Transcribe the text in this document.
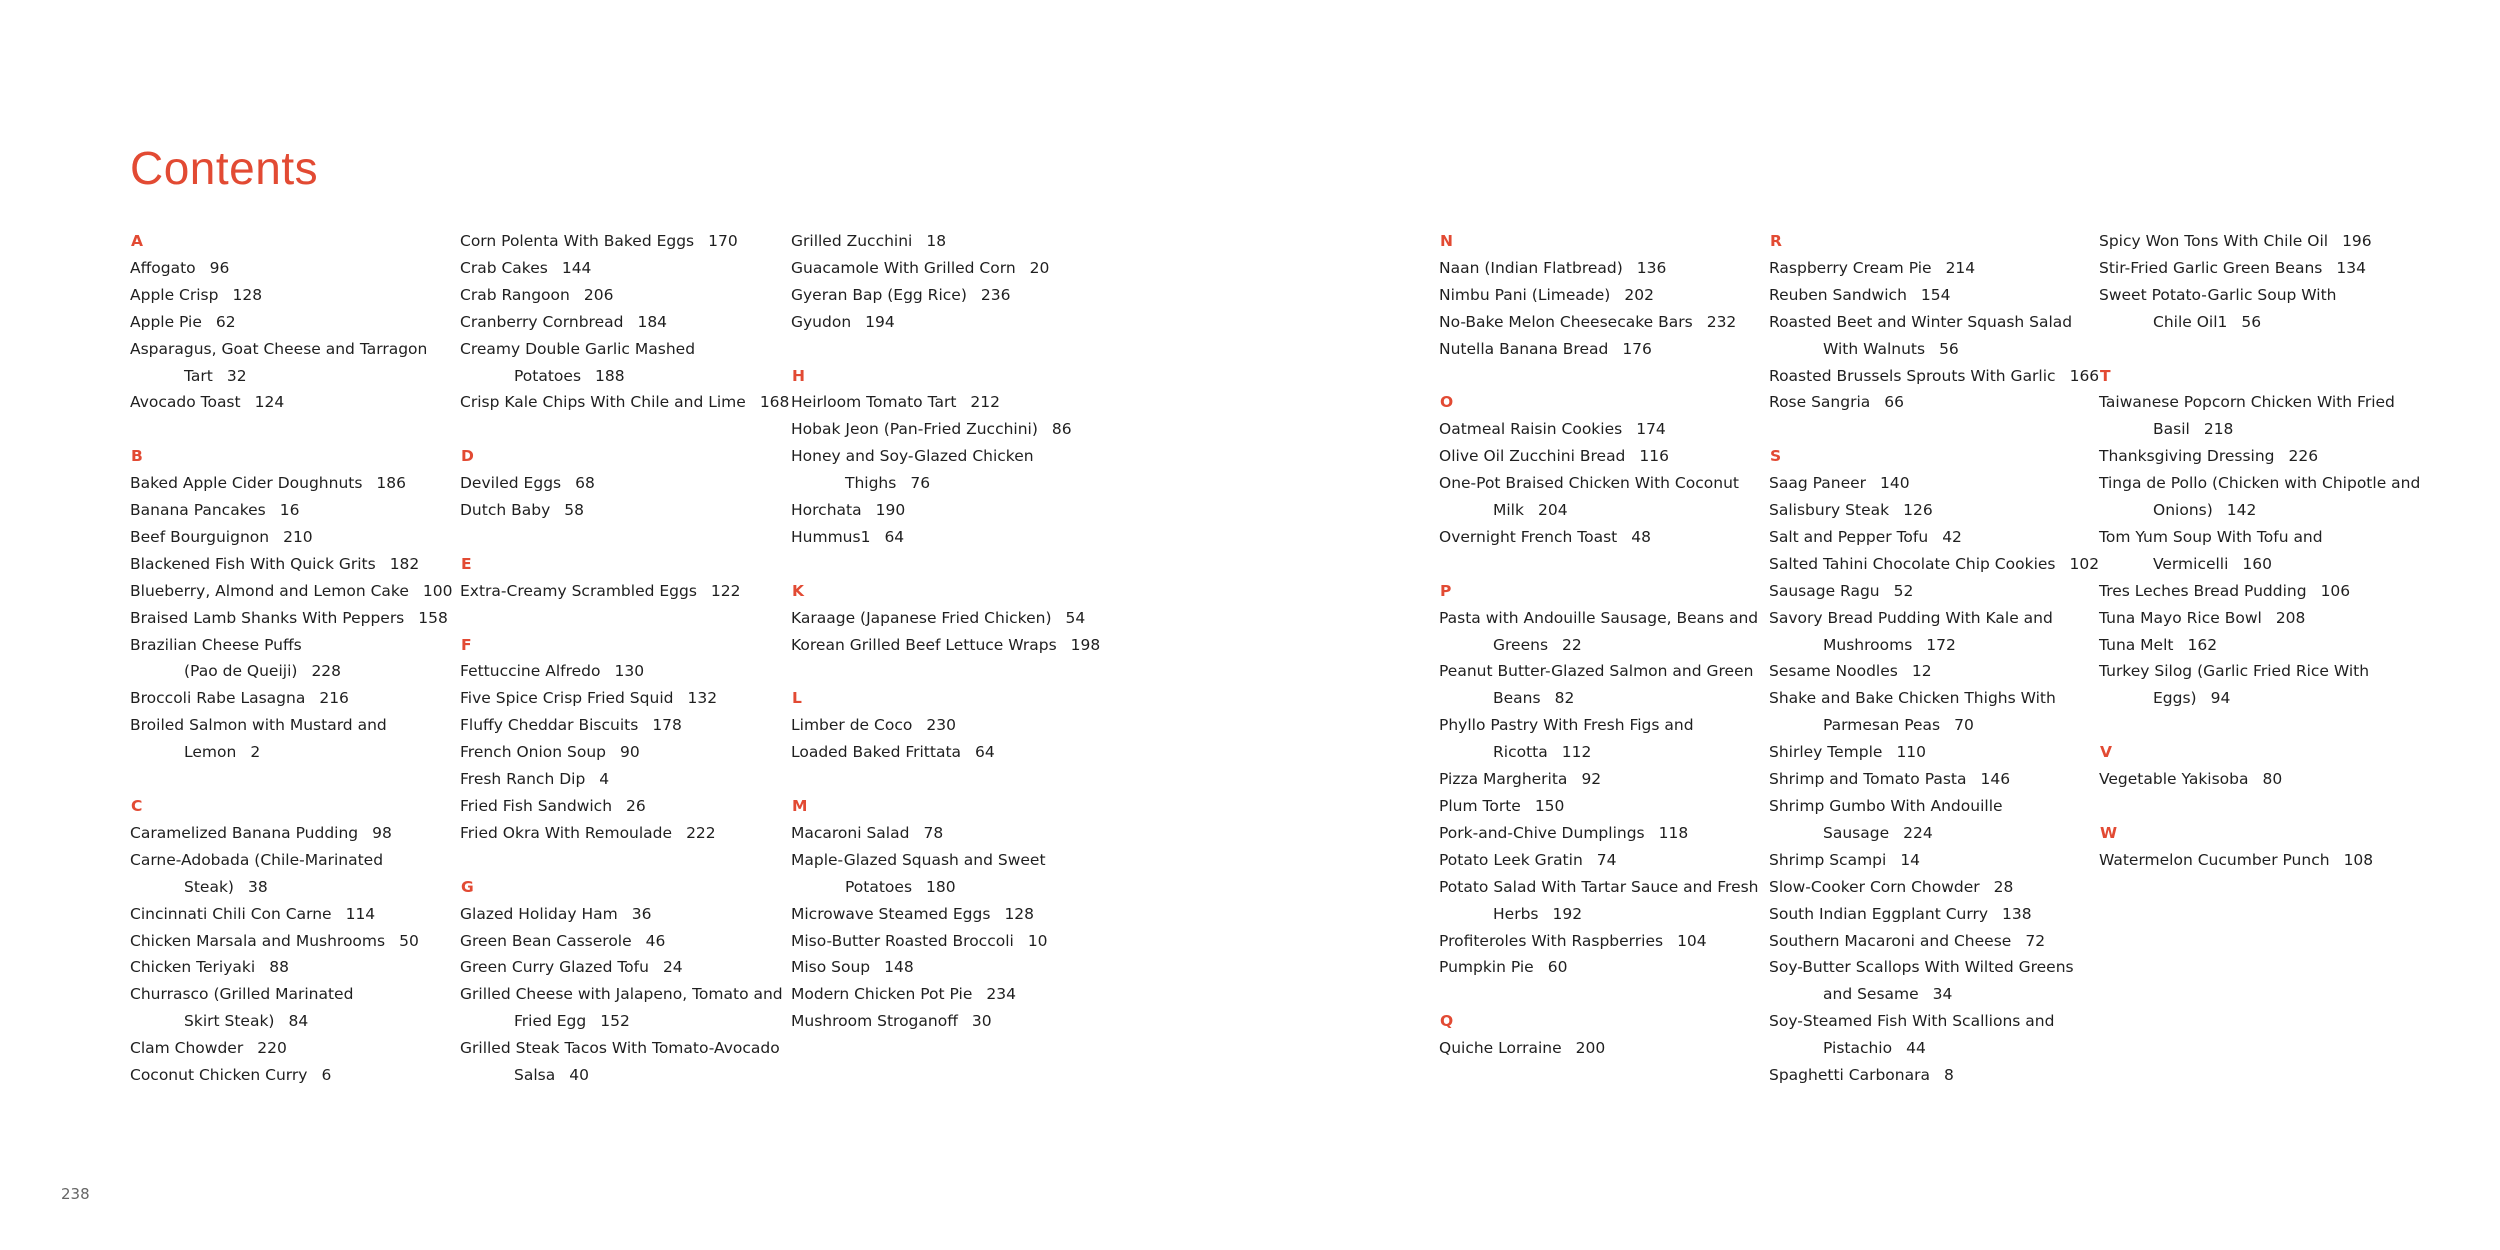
Contents
A
Affogato 96
Apple Crisp 128
Apple Pie 62
Asparagus, Goat Cheese and Tarragon
Tart 32
Avocado Toast 124
B
Baked Apple Cider Doughnuts 186
Banana Pancakes 16
Beef Bourguignon 210
Blackened Fish With Quick Grits 182
Blueberry, Almond and Lemon Cake 100
Braised Lamb Shanks With Peppers 158
Brazilian Cheese Puffs
(Pao de Queiji) 228
Broccoli Rabe Lasagna 216
Broiled Salmon with Mustard and
Lemon 2
C
Caramelized Banana Pudding 98
Carne-Adobada (Chile-Marinated
Steak) 38
Cincinnati Chili Con Carne 114
Chicken Marsala and Mushrooms 50
Chicken Teriyaki 88
Churrasco (Grilled Marinated
Skirt Steak) 84
Clam Chowder 220
Coconut Chicken Curry 6
Corn Polenta With Baked Eggs 170
Crab Cakes 144
Crab Rangoon 206
Cranberry Cornbread 184
Creamy Double Garlic Mashed
Potatoes 188
Crisp Kale Chips With Chile and Lime 168
D
Deviled Eggs 68
Dutch Baby 58
E
Extra-Creamy Scrambled Eggs 122
F
Fettuccine Alfredo 130
Five Spice Crisp Fried Squid 132
Fluffy Cheddar Biscuits 178
French Onion Soup 90
Fresh Ranch Dip 4
Fried Fish Sandwich 26
Fried Okra With Remoulade 222
G
Glazed Holiday Ham 36
Green Bean Casserole 46
Green Curry Glazed Tofu 24
Grilled Cheese with Jalapeno, Tomato and
Fried Egg 152
Grilled Steak Tacos With Tomato-Avocado
Salsa 40
Grilled Zucchini 18
Guacamole With Grilled Corn 20
Gyeran Bap (Egg Rice) 236
Gyudon 194
H
Heirloom Tomato Tart 212
Hobak Jeon (Pan-Fried Zucchini) 86
Honey and Soy-Glazed Chicken
Thighs 76
Horchata 190
Hummus1 64
K
Karaage (Japanese Fried Chicken) 54
Korean Grilled Beef Lettuce Wraps 198
L
Limber de Coco 230
Loaded Baked Frittata 64
M
Macaroni Salad 78
Maple-Glazed Squash and Sweet
Potatoes 180
Microwave Steamed Eggs 128
Miso-Butter Roasted Broccoli 10
Miso Soup 148
Modern Chicken Pot Pie 234
Mushroom Stroganoff 30
N
Naan (Indian Flatbread) 136
Nimbu Pani (Limeade) 202
No-Bake Melon Cheesecake Bars 232
Nutella Banana Bread 176
O
Oatmeal Raisin Cookies 174
Olive Oil Zucchini Bread 116
One-Pot Braised Chicken With Coconut
Milk 204
Overnight French Toast 48
P
Pasta with Andouille Sausage, Beans and
Greens 22
Peanut Butter-Glazed Salmon and Green
Beans 82
Phyllo Pastry With Fresh Figs and
Ricotta 112
Pizza Margherita 92
Plum Torte 150
Pork-and-Chive Dumplings 118
Potato Leek Gratin 74
Potato Salad With Tartar Sauce and Fresh
Herbs 192
Profiteroles With Raspberries 104
Pumpkin Pie 60
Q
Quiche Lorraine 200
R
Raspberry Cream Pie 214
Reuben Sandwich 154
Roasted Beet and Winter Squash Salad
With Walnuts 56
Roasted Brussels Sprouts With Garlic 166
Rose Sangria 66
S
Saag Paneer 140
Salisbury Steak 126
Salt and Pepper Tofu 42
Salted Tahini Chocolate Chip Cookies 102
Sausage Ragu 52
Savory Bread Pudding With Kale and
Mushrooms 172
Sesame Noodles 12
Shake and Bake Chicken Thighs With
Parmesan Peas 70
Shirley Temple 110
Shrimp and Tomato Pasta 146
Shrimp Gumbo With Andouille
Sausage 224
Shrimp Scampi 14
Slow-Cooker Corn Chowder 28
South Indian Eggplant Curry 138
Southern Macaroni and Cheese 72
Soy-Butter Scallops With Wilted Greens
and Sesame 34
Soy-Steamed Fish With Scallions and
Pistachio 44
Spaghetti Carbonara 8
Spicy Won Tons With Chile Oil 196
Stir-Fried Garlic Green Beans 134
Sweet Potato-Garlic Soup With
Chile Oil1 56
T
Taiwanese Popcorn Chicken With Fried
Basil 218
Thanksgiving Dressing 226
Tinga de Pollo (Chicken with Chipotle and
Onions) 142
Tom Yum Soup With Tofu and
Vermicelli 160
Tres Leches Bread Pudding 106
Tuna Mayo Rice Bowl 208
Tuna Melt 162
Turkey Silog (Garlic Fried Rice With
Eggs) 94
V
Vegetable Yakisoba 80
W
Watermelon Cucumber Punch 108
238
